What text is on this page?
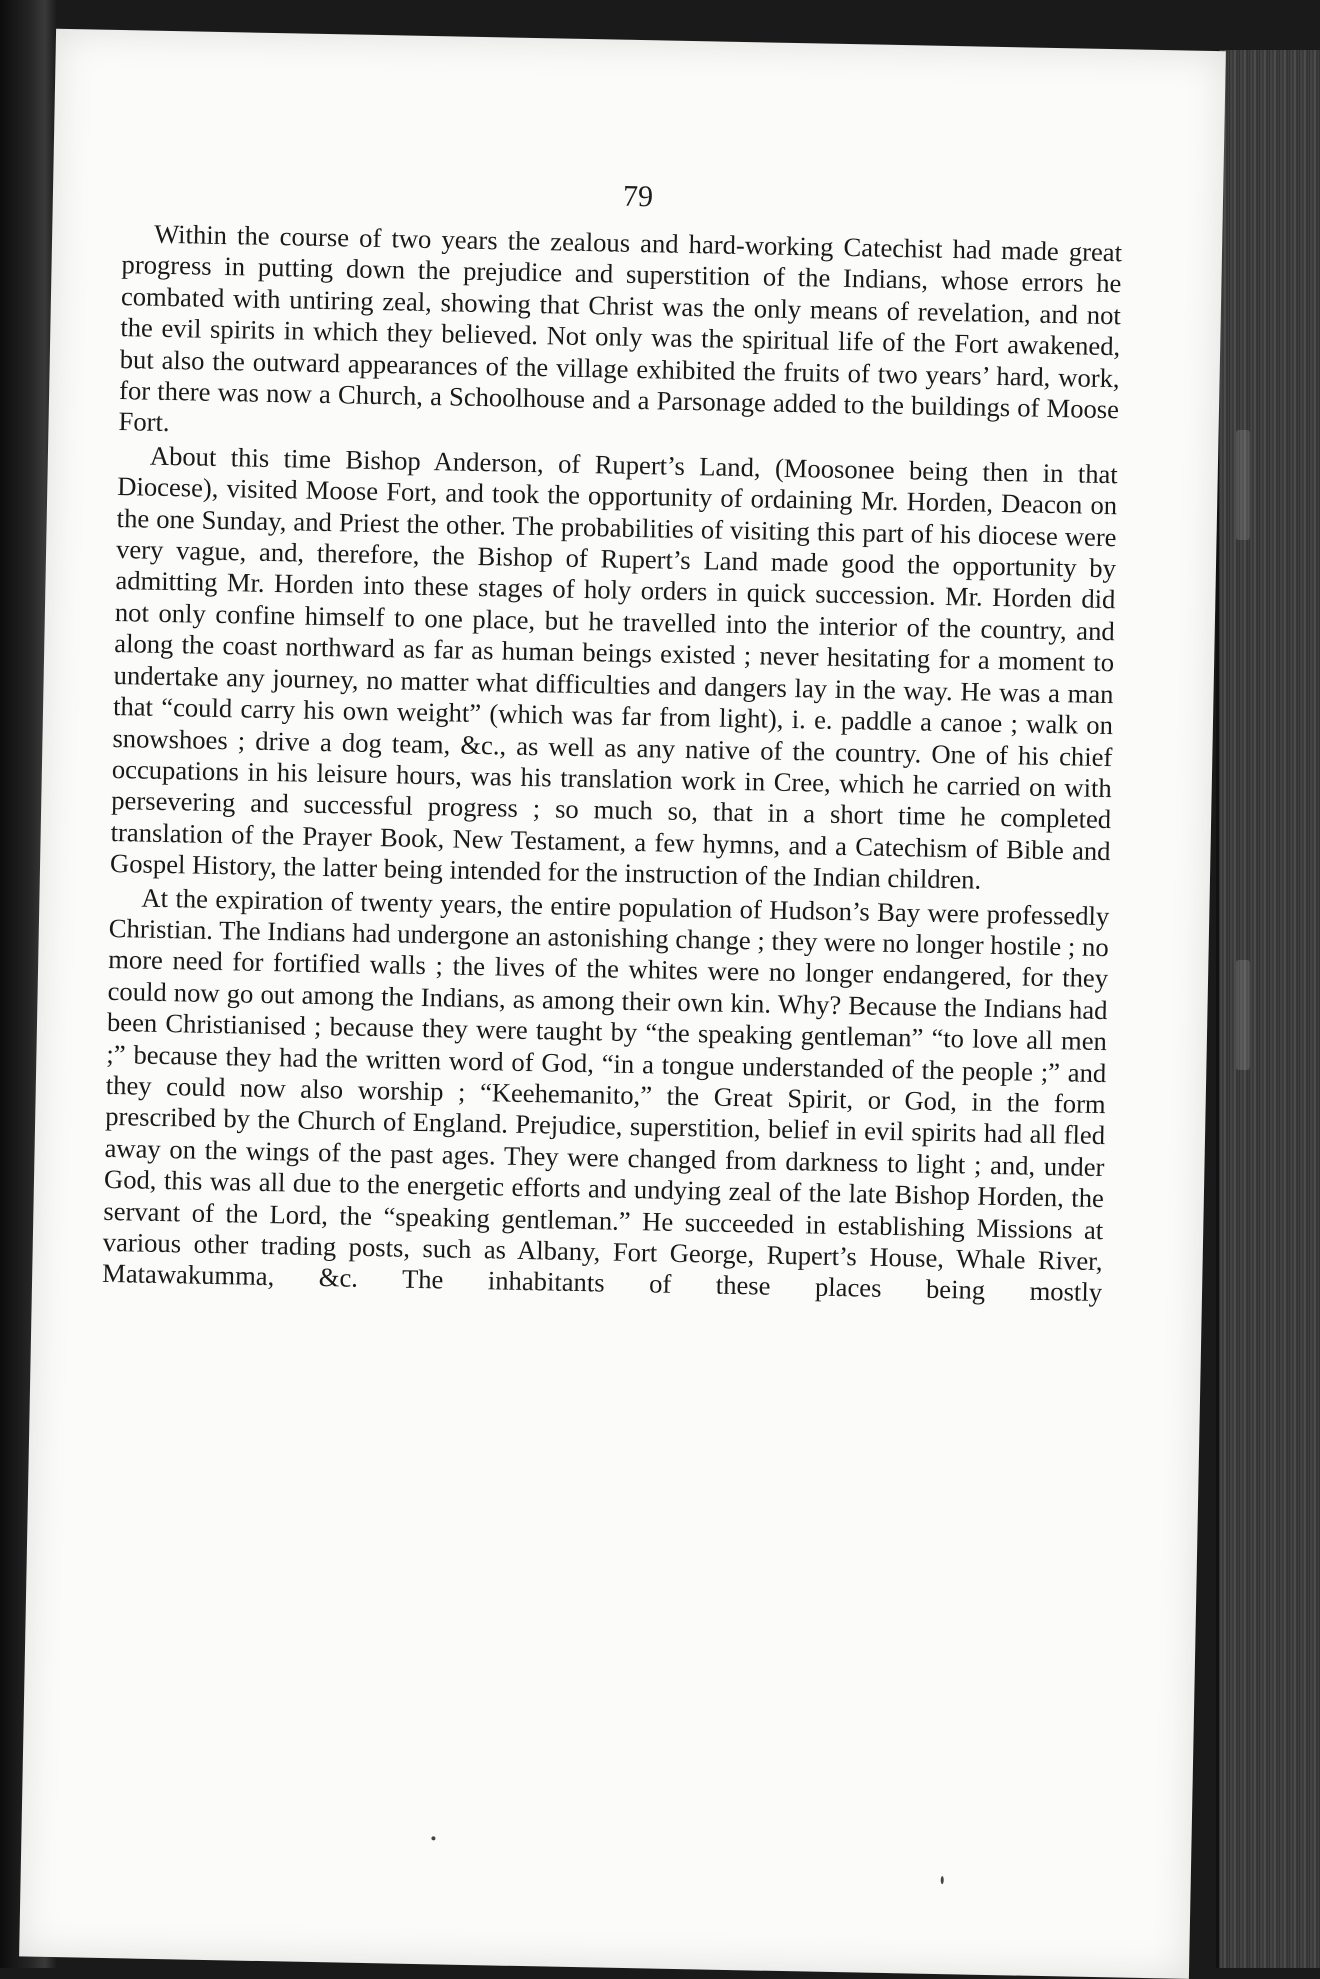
79

Within the course of two years the zealous and hard-working Catechist had made great progress in putting down the prejudice and superstition of the Indians, whose errors he combated with untiring zeal, showing that Christ was the only means of revelation, and not the evil spirits in which they believed. Not only was the spiritual life of the Fort awakened, but also the outward appearances of the village exhibited the fruits of two years’ hard, work, for there was now a Church, a Schoolhouse and a Parsonage added to the buildings of Moose Fort.

About this time Bishop Anderson, of Rupert’s Land, (Moosonee being then in that Diocese), visited Moose Fort, and took the opportunity of ordaining Mr. Horden, Deacon on the one Sunday, and Priest the other. The probabilities of visiting this part of his diocese were very vague, and, therefore, the Bishop of Rupert’s Land made good the opportunity by admitting Mr. Horden into these stages of holy orders in quick succession. Mr. Horden did not only confine himself to one place, but he travelled into the interior of the country, and along the coast northward as far as human beings existed ; never hesitating for a moment to undertake any journey, no matter what difficulties and dangers lay in the way. He was a man that “could carry his own weight” (which was far from light), i. e. paddle a canoe ; walk on snowshoes ; drive a dog team, &c., as well as any native of the country. One of his chief occupations in his leisure hours, was his translation work in Cree, which he carried on with persevering and successful progress ; so much so, that in a short time he completed translation of the Prayer Book, New Testament, a few hymns, and a Catechism of Bible and Gospel History, the latter being intended for the instruction of the Indian children.

At the expiration of twenty years, the entire population of Hudson’s Bay were professedly Christian. The Indians had undergone an astonishing change ; they were no longer hostile ; no more need for fortified walls ; the lives of the whites were no longer endangered, for they could now go out among the Indians, as among their own kin. Why? Because the Indians had been Christianised ; because they were taught by “the speaking gentleman” “to love all men ;” because they had the written word of God, “in a tongue understanded of the people ;” and they could now also worship ; “Keehemanito,” the Great Spirit, or God, in the form prescribed by the Church of England. Prejudice, superstition, belief in evil spirits had all fled away on the wings of the past ages. They were changed from darkness to light ; and, under God, this was all due to the energetic efforts and undying zeal of the late Bishop Horden, the servant of the Lord, the “speaking gentleman.” He succeeded in establishing Missions at various other trading posts, such as Albany, Fort George, Rupert’s House, Whale River, Matawakumma, &c. The inhabitants of these places being mostly
